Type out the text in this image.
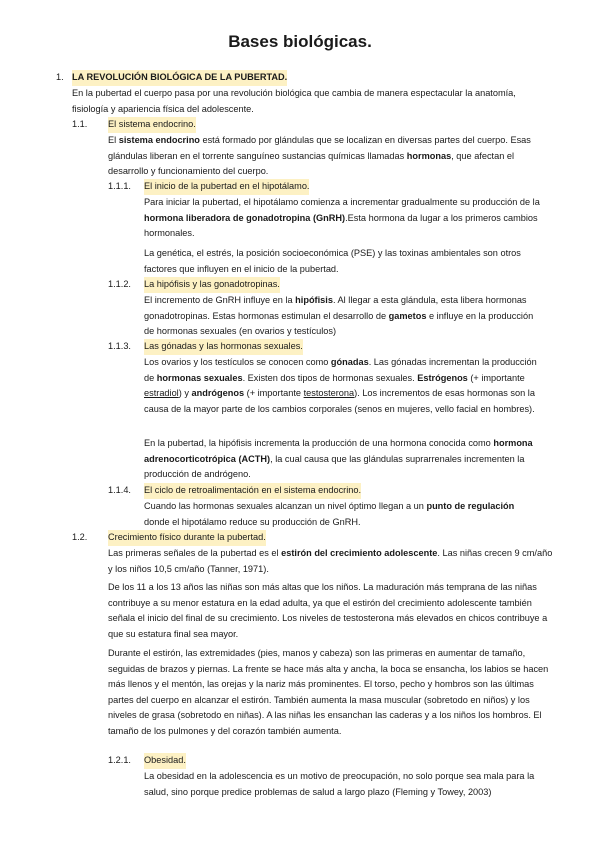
Bases biológicas.
1. LA REVOLUCIÓN BIOLÓGICA DE LA PUBERTAD.

En la pubertad el cuerpo pasa por una revolución biológica que cambia de manera espectacular la anatomía, fisiología y apariencia física del adolescente.

1.1. El sistema endocrino.

El sistema endocrino está formado por glándulas que se localizan en diversas partes del cuerpo. Esas glándulas liberan en el torrente sanguíneo sustancias químicas llamadas hormonas, que afectan el desarrollo y funcionamiento del cuerpo.

1.1.1. El inicio de la pubertad en el hipotálamo.

Para iniciar la pubertad, el hipotálamo comienza a incrementar gradualmente su producción de la hormona liberadora de gonadotropina (GnRH).Esta hormona da lugar a los primeros cambios hormonales.

La genética, el estrés, la posición socioeconómica (PSE) y las toxinas ambientales son otros factores que influyen en el inicio de la pubertad.

1.1.2. La hipófisis y las gonadotropinas.

El incremento de GnRH influye en la hipófisis. Al llegar a esta glándula, esta libera hormonas gonadotropinas. Estas hormonas estimulan el desarrollo de gametos e influye en la producción de hormonas sexuales (en ovarios y testículos)

1.1.3. Las gónadas y las hormonas sexuales.

Los ovarios y los testículos se conocen como gónadas. Las gónadas incrementan la producción de hormonas sexuales. Existen dos tipos de hormonas sexuales. Estrógenos (+ importante estradiol) y andrógenos (+ importante testosterona). Los incrementos de esas hormonas son la causa de la mayor parte de los cambios corporales (senos en mujeres, vello facial en hombres).

En la pubertad, la hipófisis incrementa la producción de una hormona conocida como hormona adrenocorticotrópica (ACTH), la cual causa que las glándulas suprarrenales incrementen la producción de andrógeno.

1.1.4. El ciclo de retroalimentación en el sistema endocrino.

Cuando las hormonas sexuales alcanzan un nivel óptimo llegan a un punto de regulación donde el hipotálamo reduce su producción de GnRH.

1.2. Crecimiento físico durante la pubertad.

Las primeras señales de la pubertad es el estirón del crecimiento adolescente. Las niñas crecen 9 cm/año y los niños 10,5 cm/año (Tanner, 1971).

De los 11 a los 13 años las niñas son más altas que los niños. La maduración más temprana de las niñas contribuye a su menor estatura en la edad adulta, ya que el estirón del crecimiento adolescente también señala el inicio del final de su crecimiento. Los niveles de testosterona más elevados en chicos contribuye a que su estatura final sea mayor.

Durante el estirón, las extremidades (pies, manos y cabeza) son las primeras en aumentar de tamaño, seguidas de brazos y piernas. La frente se hace más alta y ancha, la boca se ensancha, los labios se hacen más llenos y el mentón, las orejas y la nariz más prominentes. El torso, pecho y hombros son las últimas partes del cuerpo en alcanzar el estirón. También aumenta la masa muscular (sobretodo en niños) y los niveles de grasa (sobretodo en niñas). A las niñas les ensanchan las caderas y a los niños los hombros. El tamaño de los pulmones y del corazón también aumenta.

1.2.1. Obesidad.

La obesidad en la adolescencia es un motivo de preocupación, no solo porque sea mala para la salud, sino porque predice problemas de salud a largo plazo (Fleming y Towey, 2003)
